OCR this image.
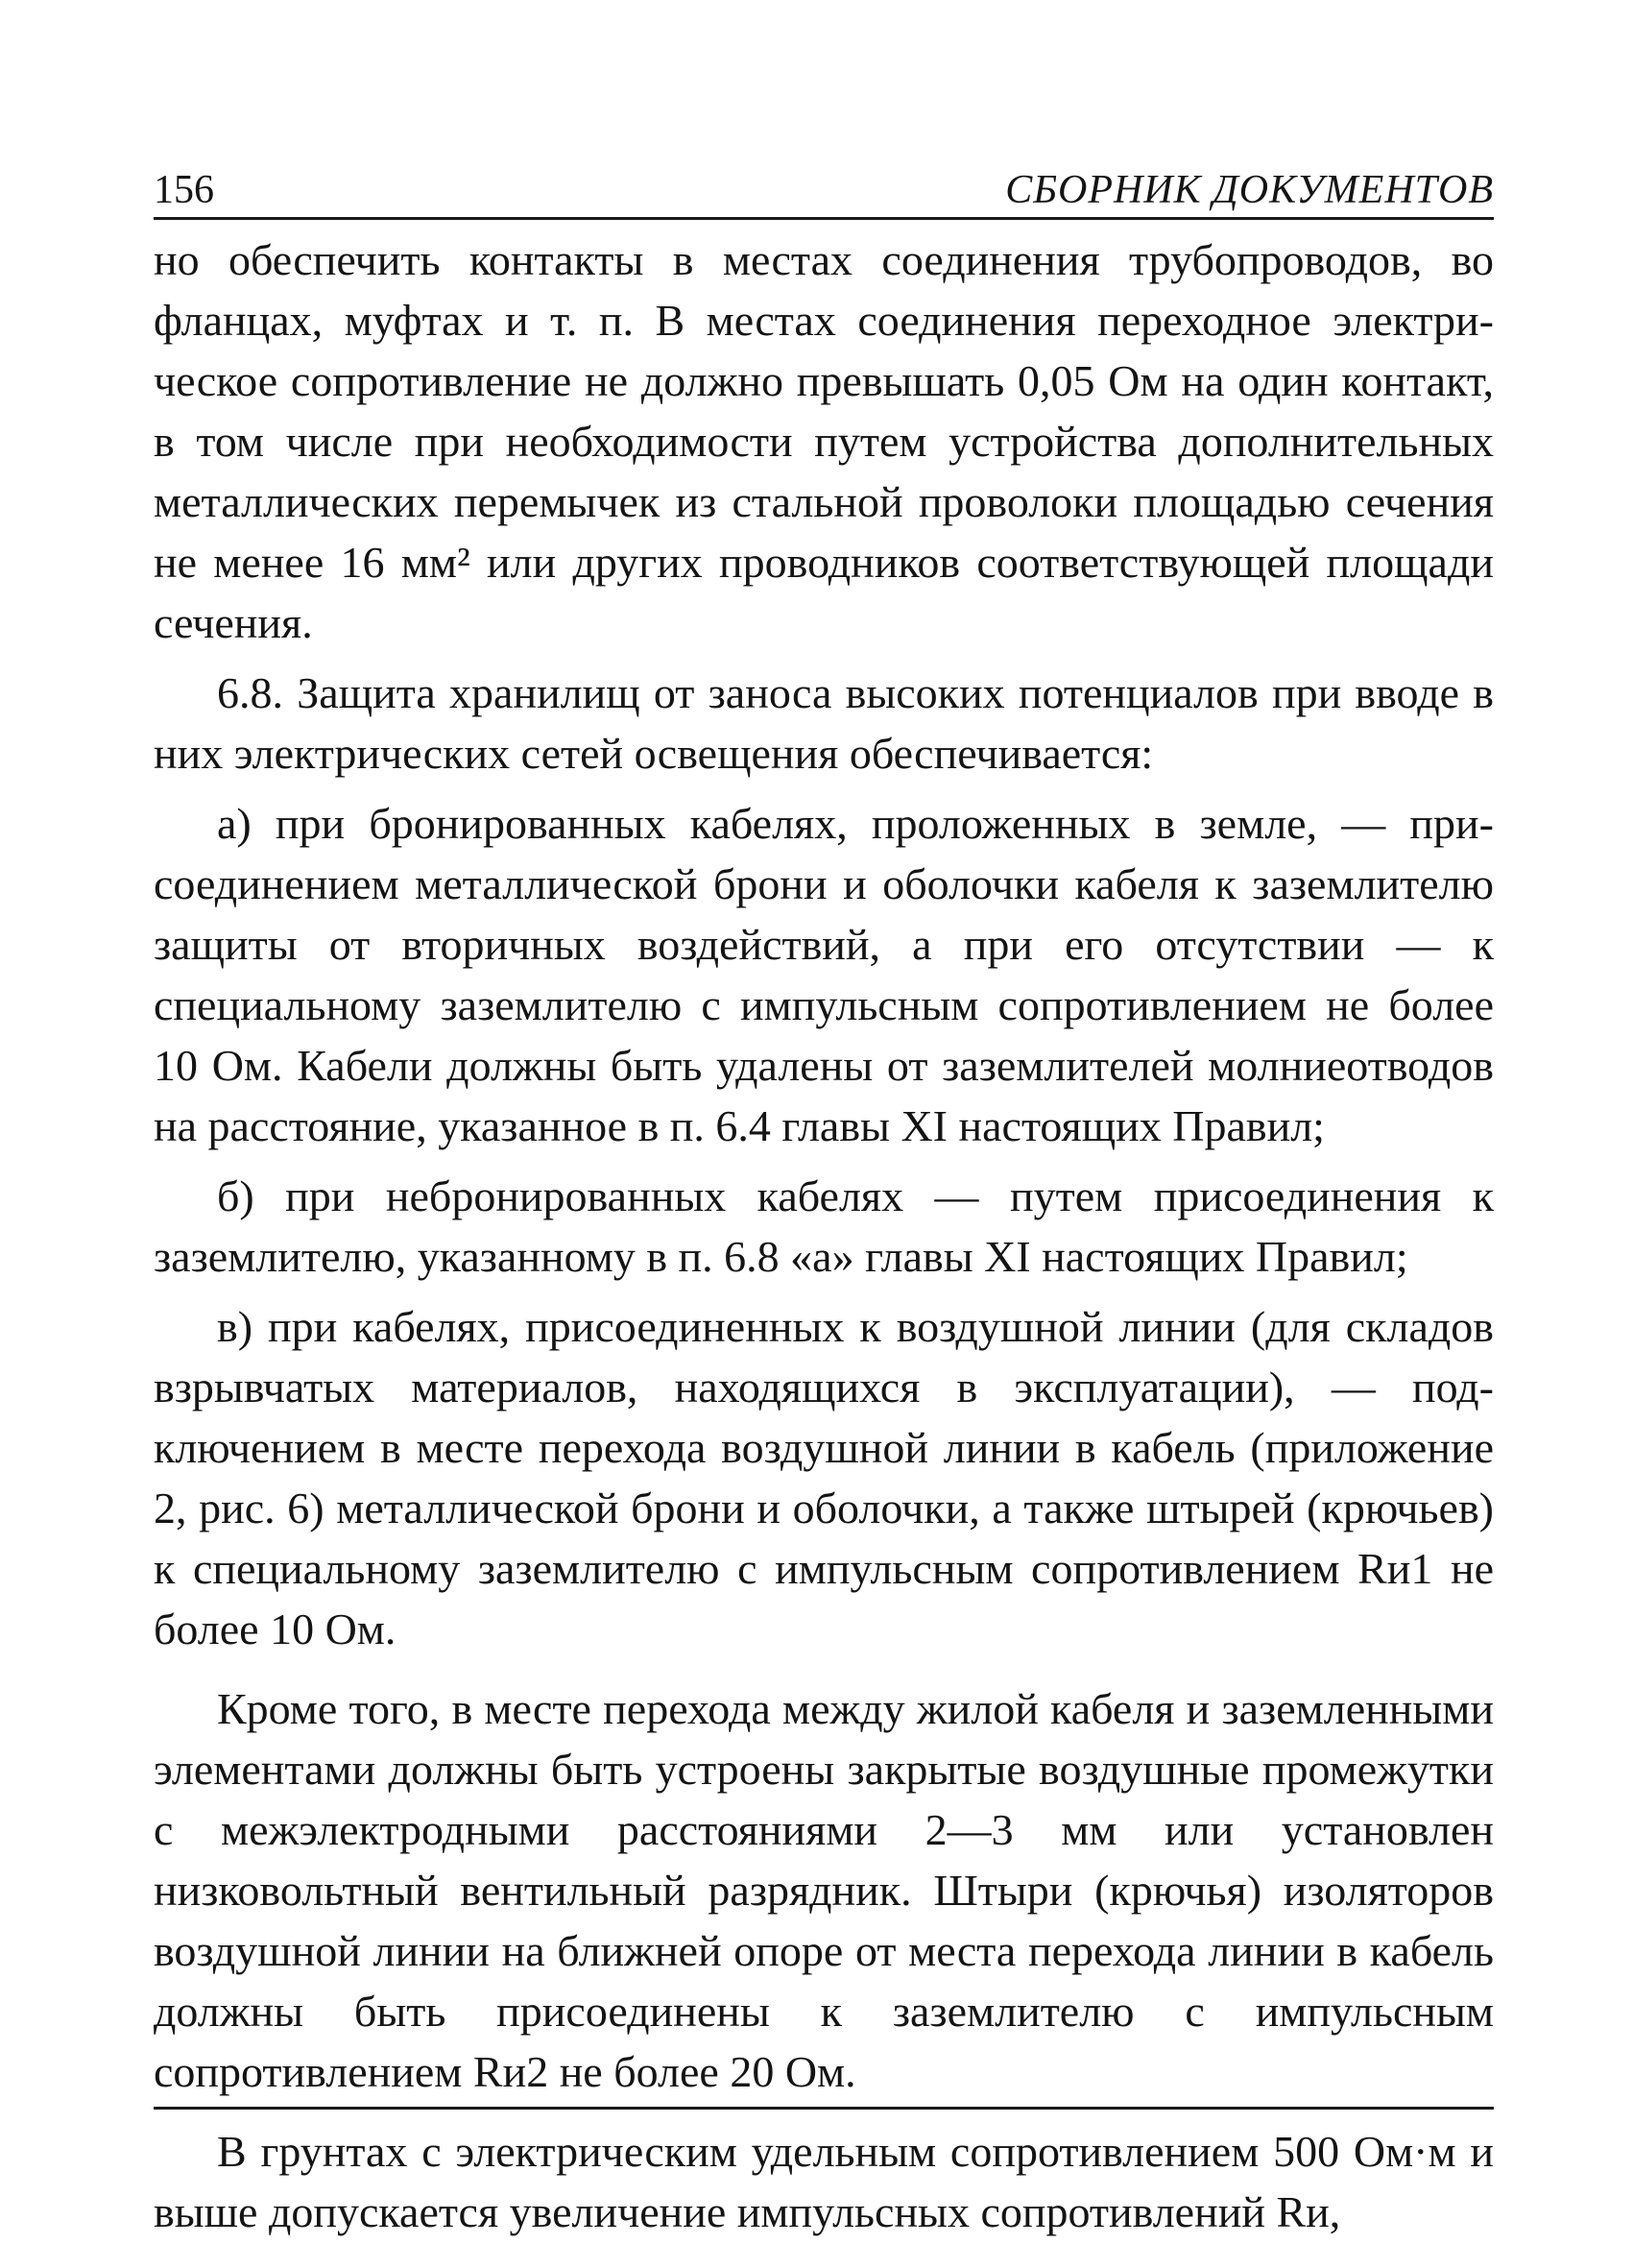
156	СБОРНИК ДОКУМЕНТОВ

но обеспечить контакты в местах соединения трубопроводов, во фланцах, муфтах и т. п. В местах соединения переходное электрическое сопротивление не должно превышать 0,05 Ом на один контакт, в том числе при необходимости путем устройства дополнительных металлических перемычек из стальной проволоки площадью сечения не менее 16 мм² или других проводников соответствующей площади сечения.

6.8. Защита хранилищ от заноса высоких потенциалов при вводе в них электрических сетей освещения обеспечивается:

а) при бронированных кабелях, проложенных в земле, — присоединением металлической брони и оболочки кабеля к заземлителю защиты от вторичных воздействий, а при его отсутствии — к специальному заземлителю с импульсным сопротивлением не более 10 Ом. Кабели должны быть удалены от заземлителей молниеотводов на расстояние, указанное в п. 6.4 главы XI настоящих Правил;

б) при небронированных кабелях — путем присоединения к заземлителю, указанному в п. 6.8 «а» главы XI настоящих Правил;

в) при кабелях, присоединенных к воздушной линии (для складов взрывчатых материалов, находящихся в эксплуатации), — подключением в месте перехода воздушной линии в кабель (приложение 2, рис. 6) металлической брони и оболочки, а также штырей (крючьев) к специальному заземлителю с импульсным сопротивлением Rи1 не более 10 Ом.

Кроме того, в месте перехода между жилой кабеля и заземленными элементами должны быть устроены закрытые воздушные промежутки с межэлектродными расстояниями 2—3 мм или установлен низковольтный вентильный разрядник. Штыри (крючья) изоляторов воздушной линии на ближней опоре от места перехода линии в кабель должны быть присоединены к заземлителю с импульсным сопротивлением Rи2 не более 20 Ом.

В грунтах с электрическим удельным сопротивлением 500 Ом·м и выше допускается увеличение импульсных сопротивлений Rи,
